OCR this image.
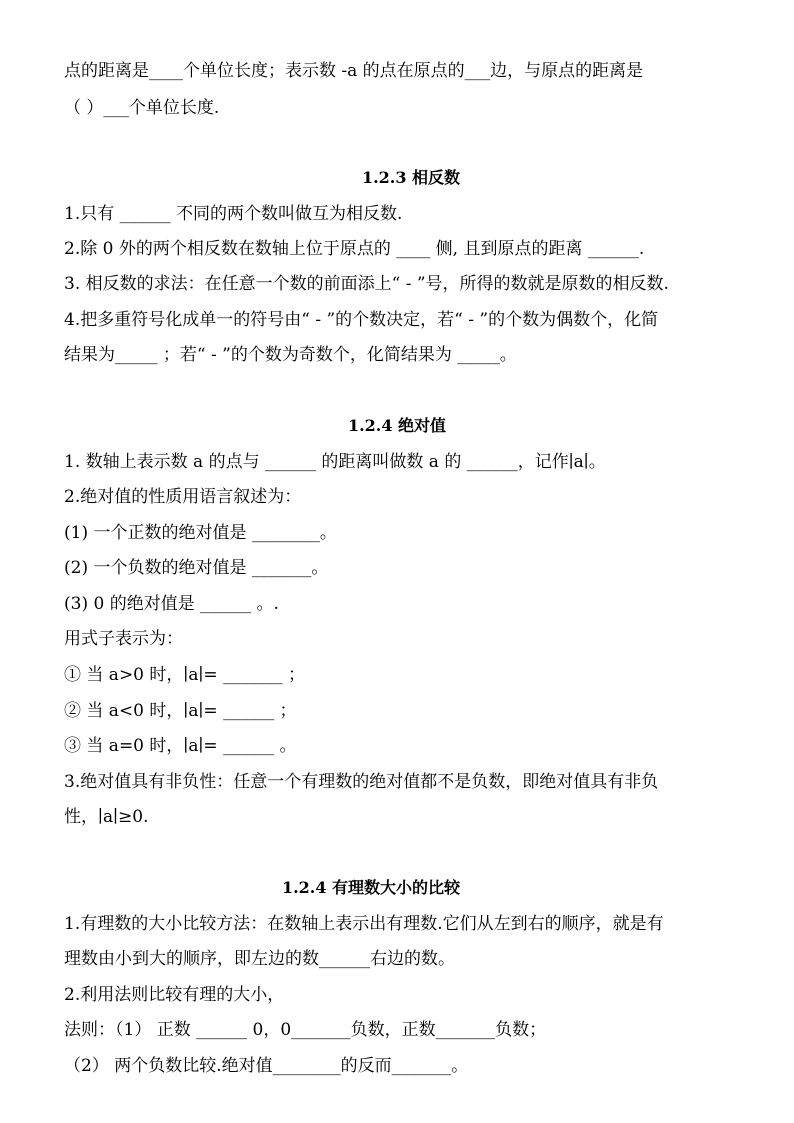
点的距离是____个单位长度；表示数 -a 的点在原点的___边，与原点的距离是
（ ）___个单位长度.
1.2.3 相反数
1.只有 ______ 不同的两个数叫做互为相反数.
2.除 0 外的两个相反数在数轴上位于原点的 ____ 侧, 且到原点的距离 ______.
3. 相反数的求法：在任意一个数的前面添上“ - ”号，所得的数就是原数的相反数.
4.把多重符号化成单一的符号由“ - ”的个数决定，若“ - ”的个数为偶数个，化简
结果为_____ ；若“ - ”的个数为奇数个，化简结果为 _____。
1.2.4 绝对值
1. 数轴上表示数 a 的点与 ______ 的距离叫做数 a 的 ______，记作∣a∣。
2.绝对值的性质用语言叙述为：
(1) 一个正数的绝对值是 ________。
(2) 一个负数的绝对值是 _______。
(3) 0 的绝对值是 ______ 。.
用式子表示为：
① 当 a>0 时，∣a∣= _______ ；
② 当 a<0 时，∣a∣= ______ ；
③ 当 a=0 时，∣a∣= ______ 。
3.绝对值具有非负性：任意一个有理数的绝对值都不是负数，即绝对值具有非负
性，∣a∣≥0.
1.2.4 有理数大小的比较
1.有理数的大小比较方法：在数轴上表示出有理数.它们从左到右的顺序，就是有
理数由小到大的顺序，即左边的数______右边的数。
2.利用法则比较有理的大小，
法则：（1） 正数 ______ 0，0_______负数，正数_______负数；
（2） 两个负数比较.绝对值________的反而_______。
